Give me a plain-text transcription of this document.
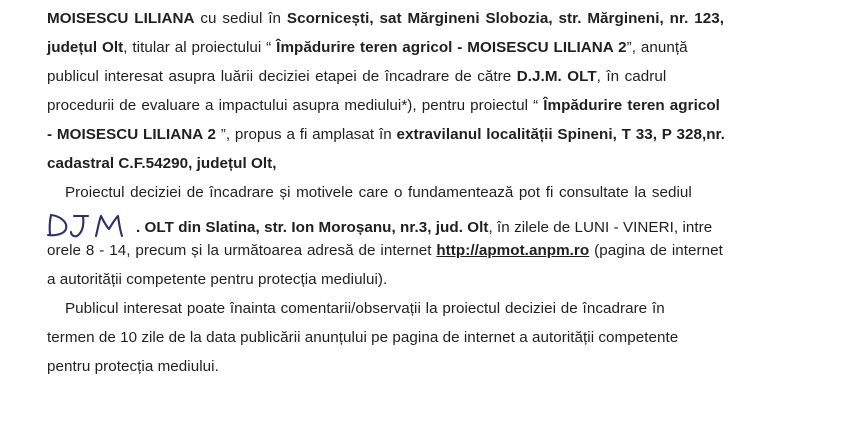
MOISESCU LILIANA cu sediul în Scornicești, sat Mărgineni Slobozia, str. Mărgineni, nr. 123,
județul Olt, titular al proiectului “ Împădurire teren agricol - MOISESCU LILIANA 2”, anunță
publicul interesat asupra luării deciziei etapei de încadrare de către D.J.M. OLT, în cadrul
procedurii de evaluare a impactului asupra mediului*), pentru proiectul “ Împădurire teren agricol
- MOISESCU LILIANA 2 ”, propus a fi amplasat în extravilanul localității Spineni, T 33, P 328,nr.
cadastral C.F.54290, județul Olt,
Proiectul deciziei de încadrare și motivele care o fundamentează pot fi consultate la sediul
. OLT din Slatina, str. Ion Moroșanu, nr.3, jud. Olt, în zilele de LUNI - VINERI, intre
orele 8 - 14, precum și la următoarea adresă de internet http://apmot.anpm.ro (pagina de internet
a autorității competente pentru protecția mediului).
Publicul interesat poate înainta comentarii/observații la proiectul deciziei de încadrare în
termen de 10 zile de la data publicării anunțului pe pagina de internet a autorității competente
pentru protecția mediului.
